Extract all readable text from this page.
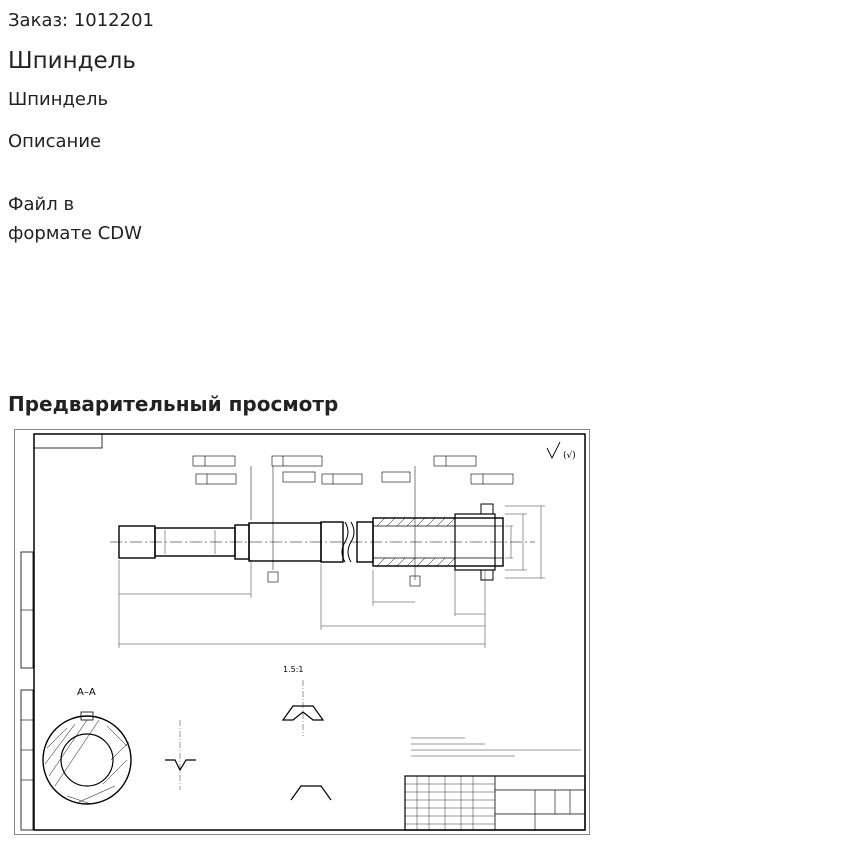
Заказ: 1012201
Шпиндель
Шпиндель
Описание
Файл в
формате CDW
Предварительный просмотр
(√)
А–А
1.5:1
